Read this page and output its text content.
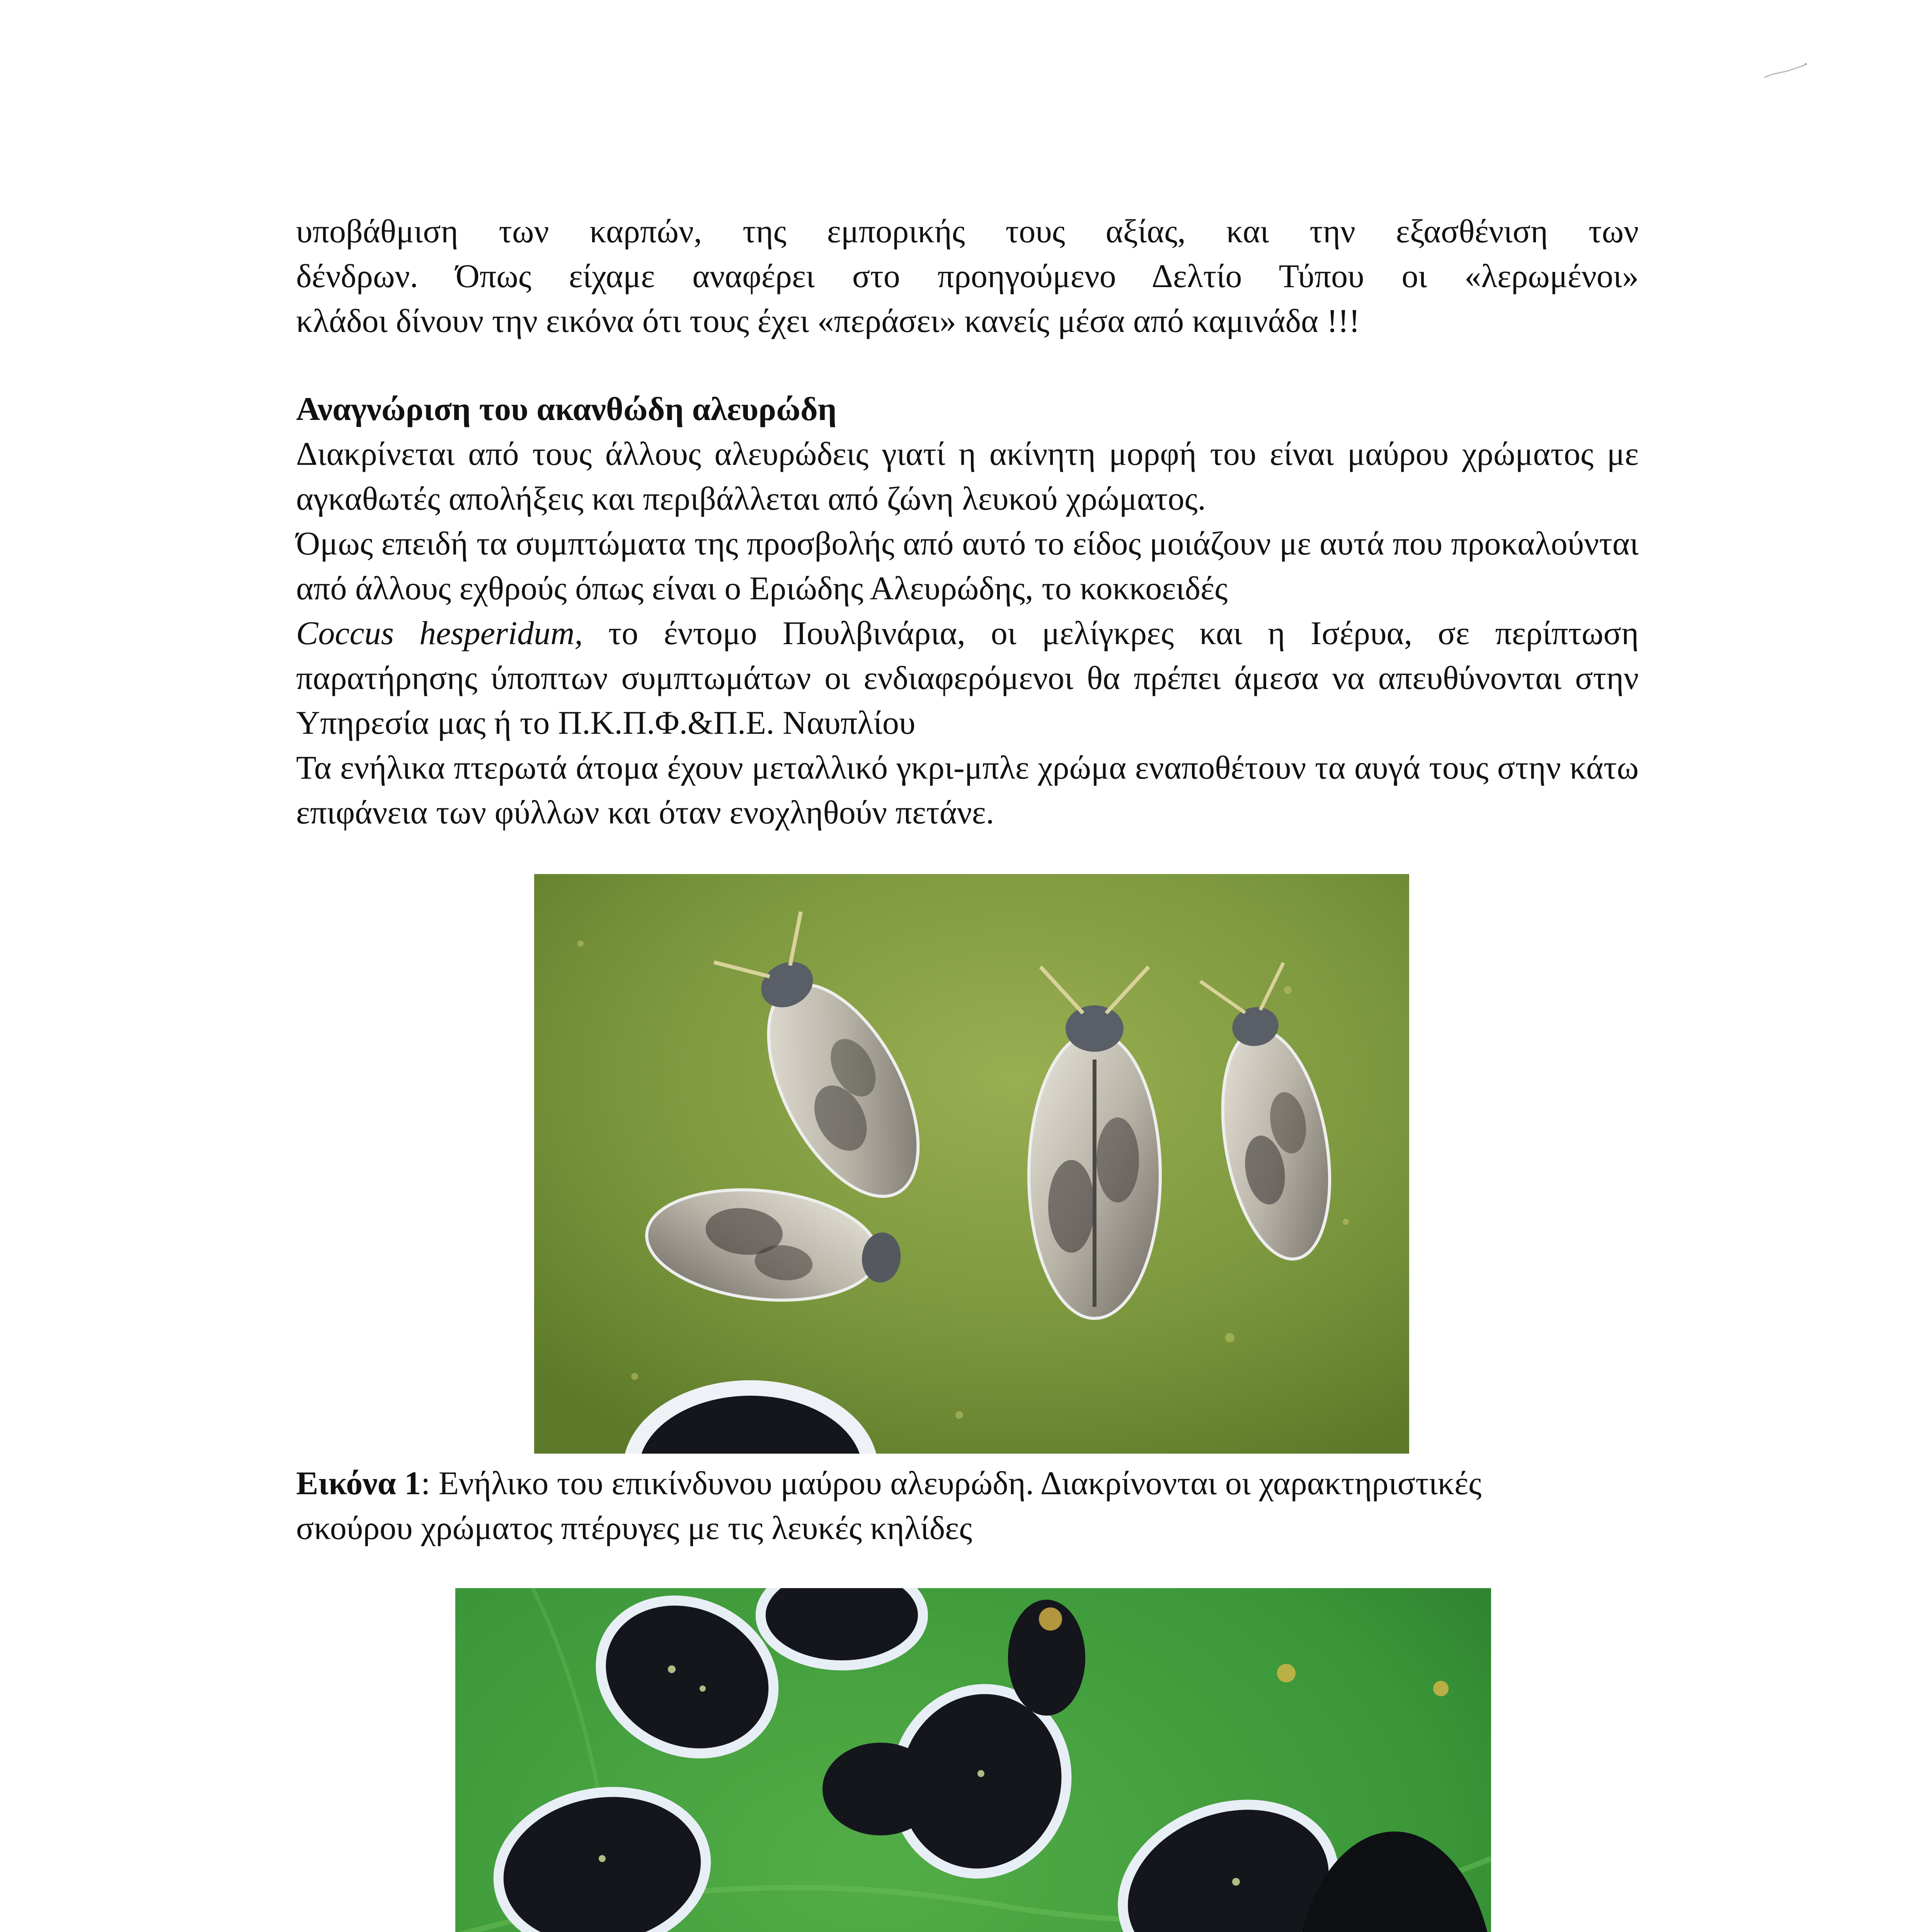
υποβάθμιση των καρπών, της εμπορικής τους αξίας, και την εξασθένιση των

δένδρων. Όπως είχαμε αναφέρει στο προηγούμενο Δελτίο Τύπου οι «λερωμένοι»

κλάδοι δίνουν την εικόνα ότι τους έχει «περάσει» κανείς μέσα από καμινάδα !!!

Αναγνώριση του ακανθώδη αλευρώδη

Διακρίνεται από τους άλλους αλευρώδεις γιατί η ακίνητη μορφή του είναι μαύρου χρώματος με αγκαθωτές απολήξεις και περιβάλλεται από ζώνη λευκού χρώματος.

Όμως επειδή τα συμπτώματα της προσβολής από αυτό το είδος μοιάζουν με αυτά που προκαλούνται από άλλους εχθρούς όπως είναι ο Εριώδης Αλευρώδης, το κοκκοειδές
Coccus hesperidum, το έντομο Πουλβινάρια, οι μελίγκρες και η Ισέρυα, σε περίπτωση παρατήρησης ύποπτων συμπτωμάτων οι ενδιαφερόμενοι θα πρέπει άμεσα να απευθύνονται στην Υπηρεσία μας ή το Π.Κ.Π.Φ.&Π.Ε. Ναυπλίου

Τα ενήλικα πτερωτά άτομα έχουν μεταλλικό γκρι-μπλε χρώμα εναποθέτουν τα αυγά τους στην κάτω επιφάνεια των φύλλων και όταν ενοχληθούν πετάνε.

Εικόνα 1: Ενήλικο του επικίνδυνου μαύρου αλευρώδη. Διακρίνονται οι χαρακτηριστικές σκούρου χρώματος πτέρυγες με τις λευκές κηλίδες
